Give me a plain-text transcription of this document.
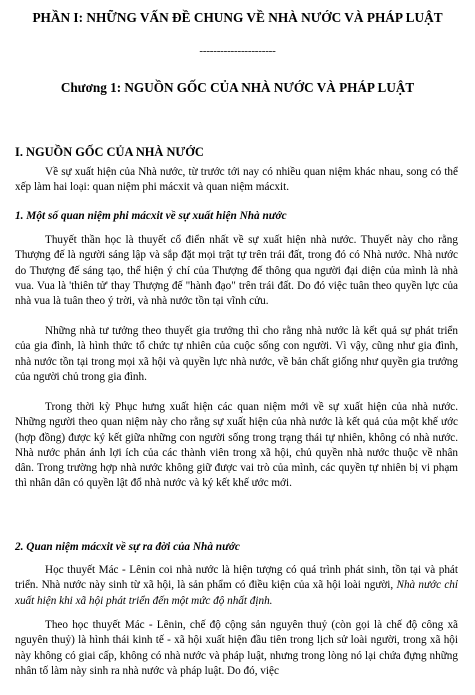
PHẦN I: NHỮNG VẤN ĐỀ CHUNG VỀ NHÀ NƯỚC VÀ PHÁP LUẬT
----------------------
Chương 1: NGUỒN GỐC CỦA NHÀ NƯỚC VÀ PHÁP LUẬT
I. NGUỒN GỐC CỦA NHÀ NƯỚC
Về sự xuất hiện của Nhà nước, từ trước tới nay có nhiều quan niệm khác nhau, song có thể xếp làm hai loại: quan niệm phi mácxit và quan niệm mácxit.
1. Một số quan niệm phi mácxit về sự xuất hiện Nhà nước
Thuyết thần học là thuyết cổ điển nhất về sự xuất hiện nhà nước. Thuyết này cho rằng Thượng đế là người sáng lập và sắp đặt mọi trật tự trên trái đất, trong đó có Nhà nước. Nhà nước do Thượng đế sáng tạo, thể hiện ý chí của Thượng đế thông qua người đại diện của mình là nhà vua. Vua là 'thiên tử' thay Thượng đế "hành đạo" trên trái đất. Do đó việc tuân theo quyền lực của nhà vua là tuân theo ý trời, và nhà nước tồn tại vĩnh cửu.
Những nhà tư tưởng theo thuyết gia trưởng thì cho rằng nhà nước là kết quả sự phát triển của gia đình, là hình thức tổ chức tự nhiên của cuộc sống con người. Vì vậy, cũng như gia đình, nhà nước tồn tại trong mọi xã hội và quyền lực nhà nước, về bản chất giống như quyền gia trưởng của người chủ trong gia đình.
Trong thời kỳ Phục hưng xuất hiện các quan niệm mới về sự xuất hiện của nhà nước. Những người theo quan niệm này cho rằng sự xuất hiện của nhà nước là kết quả của một khế ước (hợp đồng) được ký kết giữa những con người sống trong trạng thái tự nhiên, không có nhà nước. Nhà nước phản ánh lợi ích của các thành viên trong xã hội, chủ quyền nhà nước thuộc về nhân dân. Trong trường hợp nhà nước không giữ được vai trò của mình, các quyền tự nhiên bị vi phạm thì nhân dân có quyền lật đổ nhà nước và ký kết khế ước mới.
2. Quan niệm mácxit về sự ra đời của Nhà nước
Học thuyết Mác - Lênin coi nhà nước là hiện tượng có quá trình phát sinh, tồn tại và phát triển. Nhà nước này sinh từ xã hội, là sản phẩm có điều kiện của xã hội loài người, Nhà nước chỉ xuất hiện khi xã hội phát triển đến một mức độ nhất định.
Theo học thuyết Mác - Lênin, chế độ cộng sản nguyên thuỷ (còn gọi là chế độ công xã nguyên thuỷ) là hình thái kinh tế - xã hội xuất hiện đầu tiên trong lịch sử loài người, trong xã hội này không có giai cấp, không có nhà nước và pháp luật, nhưng trong lòng nó lại chứa đựng những nhân tố làm này sinh ra nhà nước và pháp luật. Do đó, việc
